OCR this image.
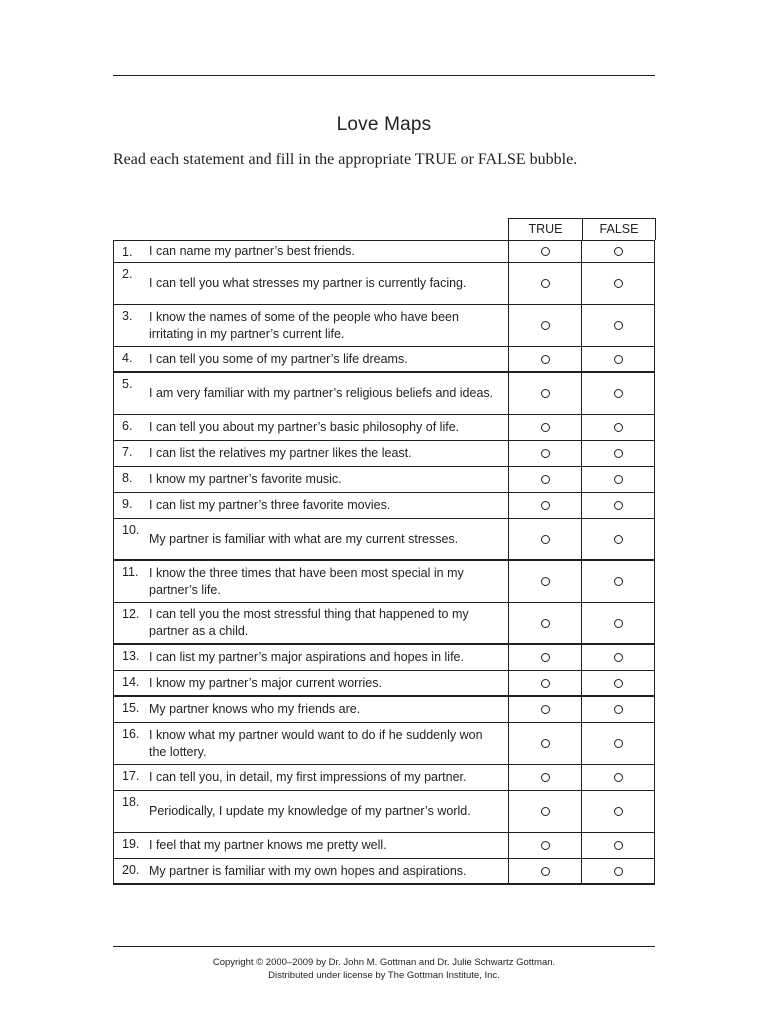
Love Maps
Read each statement and fill in the appropriate TRUE or FALSE bubble.
TRUE	FALSE
1.	I can name my partner’s best friends.
2.
I can tell you what stresses my partner is currently facing.
3.	I know the names of some of the people who have been irritating in my partner’s current life.
4.	I can tell you some of my partner’s life dreams.
5.
I am very familiar with my partner’s religious beliefs and ideas.
6.	I can tell you about my partner’s basic philosophy of life.
7.	I can list the relatives my partner likes the least.
8.	I know my partner’s favorite music.
9.	I can list my partner’s three favorite movies.
10.
My partner is familiar with what are my current stresses.
11. I know the three times that have been most special in my partner’s life.
12. I can tell you the most stressful thing that happened to my partner as a child.
13. I can list my partner’s major aspirations and hopes in life.
14. I know my partner’s major current worries.
15. My partner knows who my friends are.
16. I know what my partner would want to do if he suddenly won the lottery.
17. I can tell you, in detail, my first impressions of my partner.
18.
Periodically, I update my knowledge of my partner’s world.
19. I feel that my partner knows me pretty well.
20. My partner is familiar with my own hopes and aspirations.
Copyright © 2000–2009 by Dr. John M. Gottman and Dr. Julie Schwartz Gottman.
Distributed under license by The Gottman Institute, Inc.
